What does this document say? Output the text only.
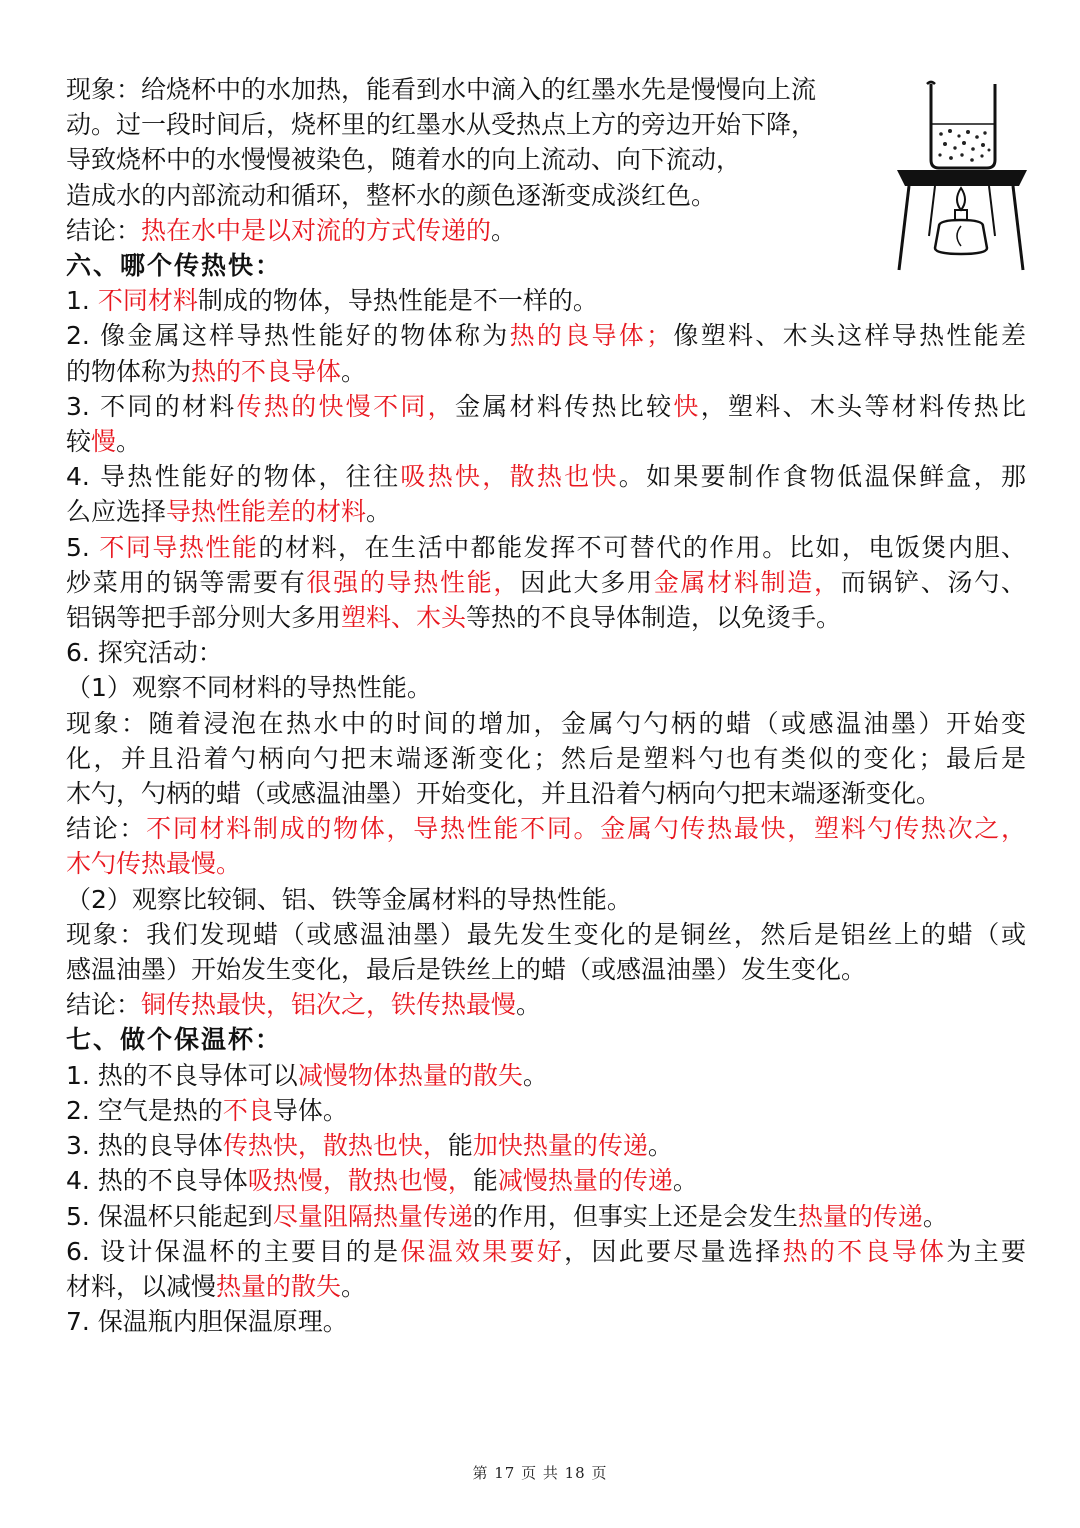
现象：给烧杯中的水加热，能看到水中滴入的红墨水先是慢慢向上流
动。过一段时间后，烧杯里的红墨水从受热点上方的旁边开始下降，
导致烧杯中的水慢慢被染色，随着水的向上流动、向下流动，
造成水的内部流动和循环，整杯水的颜色逐渐变成淡红色。
结论：热在水中是以对流的方式传递的。
六、哪个传热快：
1. 不同材料制成的物体，导热性能是不一样的。
2. 像金属这样导热性能好的物体称为热的良导体；像塑料、木头这样导热性能差
的物体称为热的不良导体。
3. 不同的材料传热的快慢不同，金属材料传热比较快，塑料、木头等材料传热比
较慢。
4. 导热性能好的物体，往往吸热快，散热也快。如果要制作食物低温保鲜盒，那
么应选择导热性能差的材料。
5. 不同导热性能的材料，在生活中都能发挥不可替代的作用。比如，电饭煲内胆、
炒菜用的锅等需要有很强的导热性能，因此大多用金属材料制造，而锅铲、汤勺、
铝锅等把手部分则大多用塑料、木头等热的不良导体制造，以免烫手。
6. 探究活动：
（1）观察不同材料的导热性能。
现象：随着浸泡在热水中的时间的增加，金属勺勺柄的蜡（或感温油墨）开始变
化，并且沿着勺柄向勺把末端逐渐变化；然后是塑料勺也有类似的变化；最后是
木勺，勺柄的蜡（或感温油墨）开始变化，并且沿着勺柄向勺把末端逐渐变化。
结论：不同材料制成的物体，导热性能不同。金属勺传热最快，塑料勺传热次之，
木勺传热最慢。
（2）观察比较铜、铝、铁等金属材料的导热性能。
现象：我们发现蜡（或感温油墨）最先发生变化的是铜丝，然后是铝丝上的蜡（或
感温油墨）开始发生变化，最后是铁丝上的蜡（或感温油墨）发生变化。
结论：铜传热最快，铝次之，铁传热最慢。
七、做个保温杯：
1. 热的不良导体可以减慢物体热量的散失。
2. 空气是热的不良导体。
3. 热的良导体传热快，散热也快，能加快热量的传递。
4. 热的不良导体吸热慢，散热也慢，能减慢热量的传递。
5. 保温杯只能起到尽量阻隔热量传递的作用，但事实上还是会发生热量的传递。
6. 设计保温杯的主要目的是保温效果要好，因此要尽量选择热的不良导体为主要
材料，以减慢热量的散失。
7. 保温瓶内胆保温原理。
第 17 页 共 18 页
